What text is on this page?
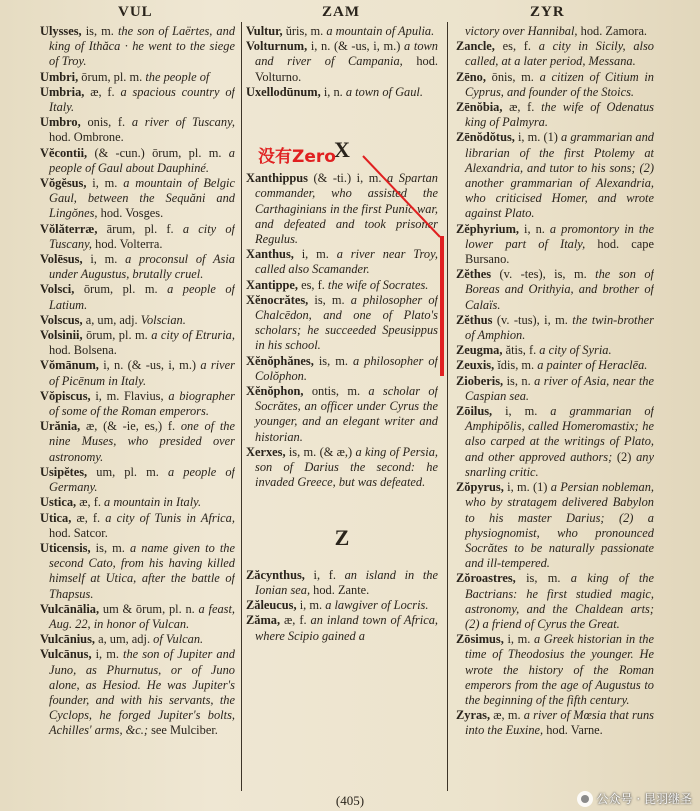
VUL	ZAM	ZYR

Ulysses, is, m. the son of Laërtes, and king of Ithăca · he went to the siege of Troy.

Umbri, ōrum, pl. m. the people of

Umbria, æ, f. a spacious country of Italy.

Umbro, onis, f. a river of Tuscany, hod. Ombrone.

Vĕcontii, (& -cun.) ōrum, pl. m. a people of Gaul about Dauphiné.

Vŏgĕsus, i, m. a mountain of Belgic Gaul, between the Sequăni and Lingŏnes, hod. Vosges.

Vŏlăterræ, ārum, pl. f. a city of Tuscany, hod. Volterra.

Volēsus, i, m. a proconsul of Asia under Augustus, brutally cruel.

Volsci, ōrum, pl. m. a people of Latium.

Volscus, a, um, adj. Volscian.

Volsinii, ōrum, pl. m. a city of Etruria, hod. Bolsena.

Vŏmānum, i, n. (& -us, i, m.) a river of Picēnum in Italy.

Vŏpiscus, i, m. Flavius, a biographer of some of the Roman emperors.

Urănia, æ, (& -ie, es,) f. one of the nine Muses, who presided over astronomy.

Usipĕtes, um, pl. m. a people of Germany.

Ustica, æ, f. a mountain in Italy.

Utica, æ, f. a city of Tunis in Africa, hod. Satcor.

Uticensis, is, m. a name given to the second Cato, from his having killed himself at Utica, after the battle of Thapsus.

Vulcānālia, um & ōrum, pl. n. a feast, Aug. 22, in honor of Vulcan.

Vulcānius, a, um, adj. of Vulcan.

Vulcānus, i, m. the son of Jupiter and Juno, as Phurnutus, or of Juno alone, as Hesiod. He was Jupiter's founder, and with his servants, the Cyclops, he forged Jupiter's bolts, Achilles' arms, &c.; see Mulciber.

Vultur, ŭris, m. a mountain of Apulia.

Volturnum, i, n. (& -us, i, m.) a town and river of Campania, hod. Volturno.

Uxellodūnum, i, n. a town of Gaul.

X

Xanthippus (& -ti.) i, m. a Spartan commander, who assisted the Carthaginians in the first Punic war, and defeated and took prisoner Regulus.

Xanthus, i, m. a river near Troy, called also Scamander.

Xantippe, es, f. the wife of Socrates.

Xĕnocrătes, is, m. a philosopher of Chalcēdon, and one of Plato's scholars; he succeeded Speusippus in his school.

Xĕnŏphănes, is, m. a philosopher of Colŏphon.

Xĕnŏphon, ontis, m. a scholar of Socrătes, an officer under Cyrus the younger, and an elegant writer and historian.

Xerxes, is, m. (& æ,) a king of Persia, son of Darius the second: he invaded Greece, but was defeated.

Z

Zăcynthus, i, f. an island in the Ionian sea, hod. Zante.

Zăleucus, i, m. a lawgiver of Locris.

Zăma, æ, f. an inland town of Africa, where Scipio gained a

victory over Hannibal, hod. Zamora.

Zancle, es, f. a city in Sicily, also called, at a later period, Messana.

Zēno, ōnis, m. a citizen of Citium in Cyprus, and founder of the Stoics.

Zēnŏbia, æ, f. the wife of Odenatus king of Palmyra.

Zēnŏdŏtus, i, m. (1) a grammarian and librarian of the first Ptolemy at Alexandria, and tutor to his sons; (2) another grammarian of Alexandria, who criticised Homer, and wrote against Plato.

Zĕphyrium, i, n. a promontory in the lower part of Italy, hod. cape Bursano.

Zĕthes (v. -tes), is, m. the son of Boreas and Orithyia, and brother of Calaïs.

Zĕthus (v. -tus), i, m. the twin-brother of Amphion.

Zeugma, ătis, f. a city of Syria.

Zeuxis, ĭdis, m. a painter of Heraclēa.

Zioberis, is, n. a river of Asia, near the Caspian sea.

Zōilus, i, m. a grammarian of Amphipŏlis, called Homeromastix; he also carped at the writings of Plato, and other approved authors; (2) any snarling critic.

Zŏpyrus, i, m. (1) a Persian nobleman, who by stratagem delivered Babylon to his master Darius; (2) a physiognomist, who pronounced Socrătes to be naturally passionate and ill-tempered.

Zŏroastres, is, m. a king of the Bactrians: he first studied magic, astronomy, and the Chaldean arts; (2) a friend of Cyrus the Great.

Zōsimus, i, m. a Greek historian in the time of Theodosius the younger. He wrote the history of the Roman emperors from the age of Augustus to the beginning of the fifth century.

Zyras, æ, m. a river of Mœsia that runs into the Euxine, hod. Varne.

(405)
没有Zero
公众号 · 昆羽继圣
